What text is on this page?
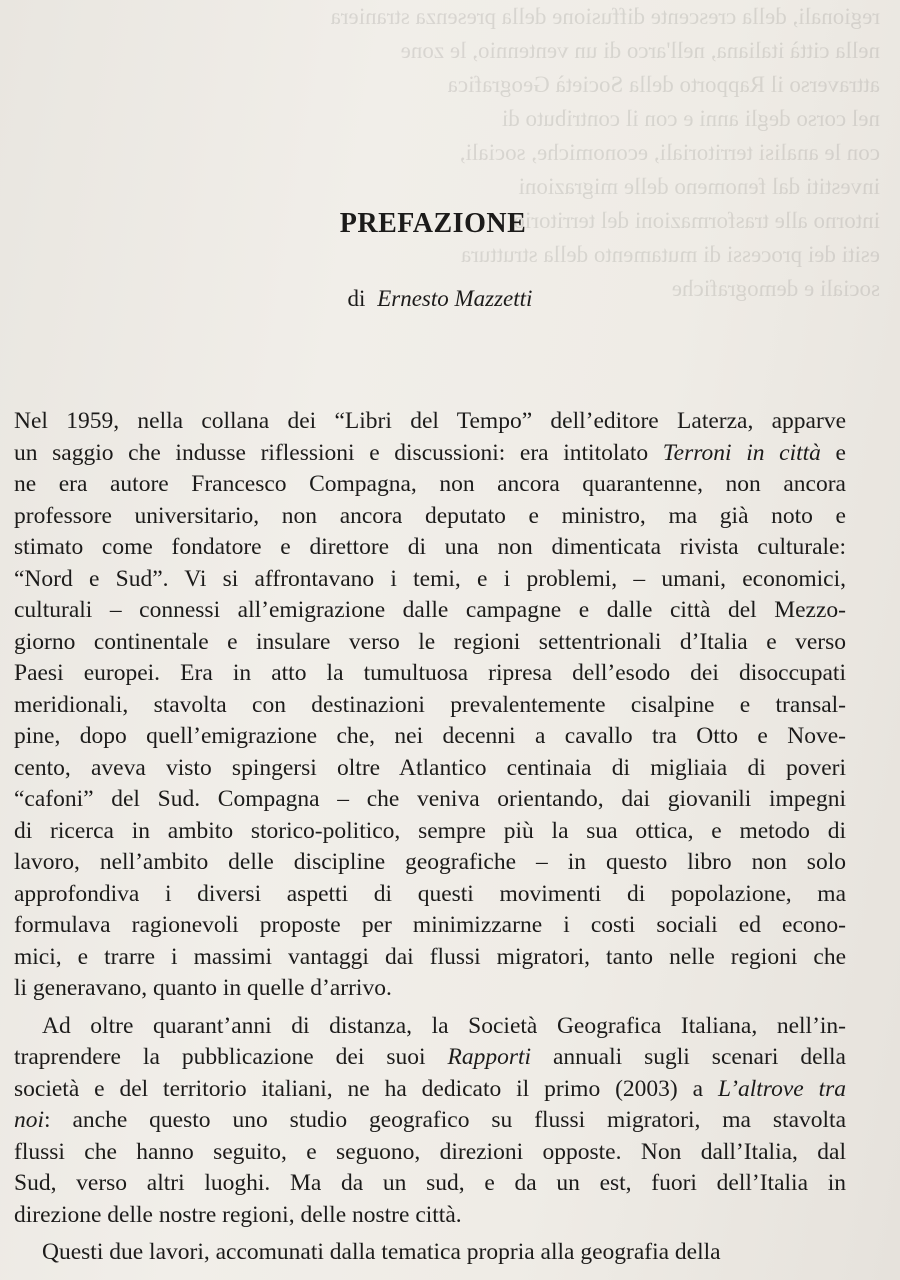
regionali, della crescente diffusione della presenza straniera
nella città italiana, nell'arco di un ventennio, le zone
attraverso il Rapporto della Società Geografica
nel corso degli anni e con il contributo di
con le analisi territoriali, economiche, sociali,
investiti dal fenomeno delle migrazioni
intorno alle trasformazioni del territorio
esiti dei processi di mutamento della struttura
sociali e demografiche
PREFAZIONE
di Ernesto Mazzetti
Nel 1959, nella collana dei “Libri del Tempo” dell’editore Laterza, apparve
un saggio che indusse riflessioni e discussioni: era intitolato Terroni in città e
ne era autore Francesco Compagna, non ancora quarantenne, non ancora
professore universitario, non ancora deputato e ministro, ma già noto e
stimato come fondatore e direttore di una non dimenticata rivista culturale:
“Nord e Sud”. Vi si affrontavano i temi, e i problemi, – umani, economici,
culturali – connessi all’emigrazione dalle campagne e dalle città del Mezzo-
giorno continentale e insulare verso le regioni settentrionali d’Italia e verso
Paesi europei. Era in atto la tumultuosa ripresa dell’esodo dei disoccupati
meridionali, stavolta con destinazioni prevalentemente cisalpine e transal-
pine, dopo quell’emigrazione che, nei decenni a cavallo tra Otto e Nove-
cento, aveva visto spingersi oltre Atlantico centinaia di migliaia di poveri
“cafoni” del Sud. Compagna – che veniva orientando, dai giovanili impegni
di ricerca in ambito storico-politico, sempre più la sua ottica, e metodo di
lavoro, nell’ambito delle discipline geografiche – in questo libro non solo
approfondiva i diversi aspetti di questi movimenti di popolazione, ma
formulava ragionevoli proposte per minimizzarne i costi sociali ed econo-
mici, e trarre i massimi vantaggi dai flussi migratori, tanto nelle regioni che
li generavano, quanto in quelle d’arrivo.
Ad oltre quarant’anni di distanza, la Società Geografica Italiana, nell’in-
traprendere la pubblicazione dei suoi Rapporti annuali sugli scenari della
società e del territorio italiani, ne ha dedicato il primo (2003) a L’altrove tra
noi: anche questo uno studio geografico su flussi migratori, ma stavolta
flussi che hanno seguito, e seguono, direzioni opposte. Non dall’Italia, dal
Sud, verso altri luoghi. Ma da un sud, e da un est, fuori dell’Italia in
direzione delle nostre regioni, delle nostre città.
Questi due lavori, accomunati dalla tematica propria alla geografia della
